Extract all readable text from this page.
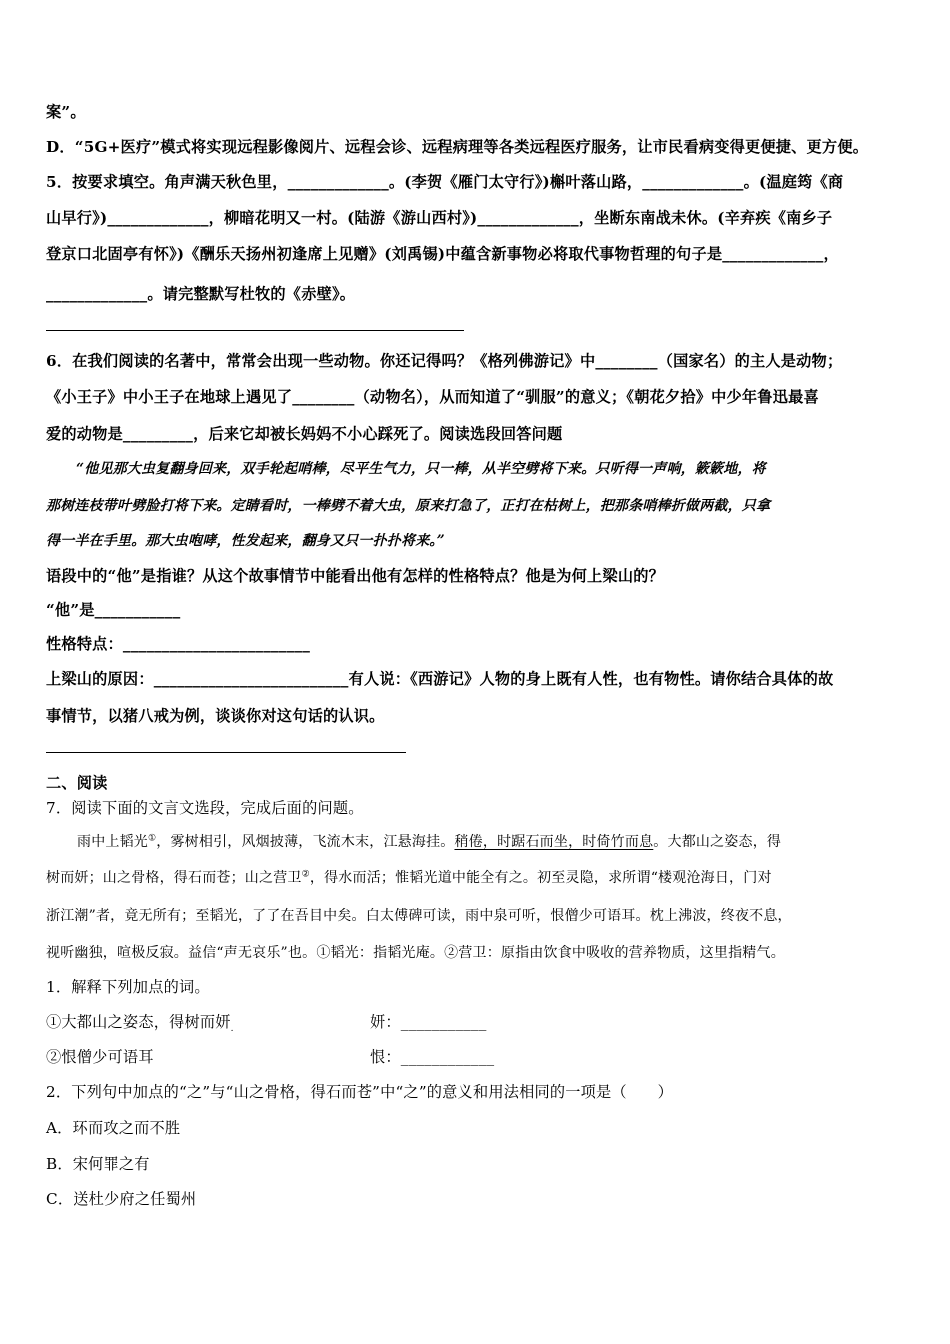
案”。
D．“5G+医疗”模式将实现远程影像阅片、远程会诊、远程病理等各类远程医疗服务，让市民看病变得更便捷、更方便。
5．按要求填空。角声满天秋色里，_____________。(李贺《雁门太守行》)槲叶落山路，_____________。(温庭筠《商
山早行》)_____________，柳暗花明又一村。(陆游《游山西村》)_____________，坐断东南战未休。(辛弃疾《南乡子
登京口北固亭有怀》)《酬乐天扬州初逢席上见赠》(刘禹锡)中蕴含新事物必将取代事物哲理的句子是_____________，
_____________。请完整默写杜牧的《赤壁》。
6．在我们阅读的名著中，常常会出现一些动物。你还记得吗？《格列佛游记》中________（国家名）的主人是动物；
《小王子》中小王子在地球上遇见了________（动物名），从而知道了“驯服”的意义；《朝花夕拾》中少年鲁迅最喜
爱的动物是_________，后来它却被长妈妈不小心踩死了。阅读选段回答问题
“他见那大虫复翻身回来，双手轮起哨棒，尽平生气力，只一棒，从半空劈将下来。只听得一声响，簌簌地，将
那树连枝带叶劈脸打将下来。定睛看时，一棒劈不着大虫，原来打急了，正打在枯树上，把那条哨棒折做两截，只拿
得一半在手里。那大虫咆哮，性发起来，翻身又只一扑扑将来。”
语段中的“他”是指谁？从这个故事情节中能看出他有怎样的性格特点？他是为何上梁山的？
“他”是___________
性格特点：________________________
上梁山的原因：_________________________有人说：《西游记》人物的身上既有人性，也有物性。请你结合具体的故
事情节，以猪八戒为例，谈谈你对这句话的认识。
二、阅读
7．阅读下面的文言文选段，完成后面的问题。
雨中上韬光①，雾树相引，风烟披薄，飞流木末，江悬海挂。稍倦，时踞石而坐，时倚竹而息。大都山之姿态，得
树而妍；山之骨格，得石而苍；山之营卫②，得水而活；惟韬光道中能全有之。初至灵隐，求所谓“楼观沧海日，门对
浙江潮”者，竟无所有；至韬光，了了在吾目中矣。白太傅碑可读，雨中泉可听，恨僧少可语耳。枕上沸波，终夜不息，
视听幽独，喧极反寂。益信“声无哀乐”也。①韬光：指韬光庵。②营卫：原指由饮食中吸收的营养物质，这里指精气。
1．解释下列加点的词。
①大都山之姿态，得树而妍$_.$	妍：___________
②恨僧少可语耳	恨：____________
2．下列句中加点的“之”与“山之骨格，得石而苍”中“之”的意义和用法相同的一项是（　　）
A．环而攻之而不胜
B．宋何罪之有
C．送杜少府之任蜀州
